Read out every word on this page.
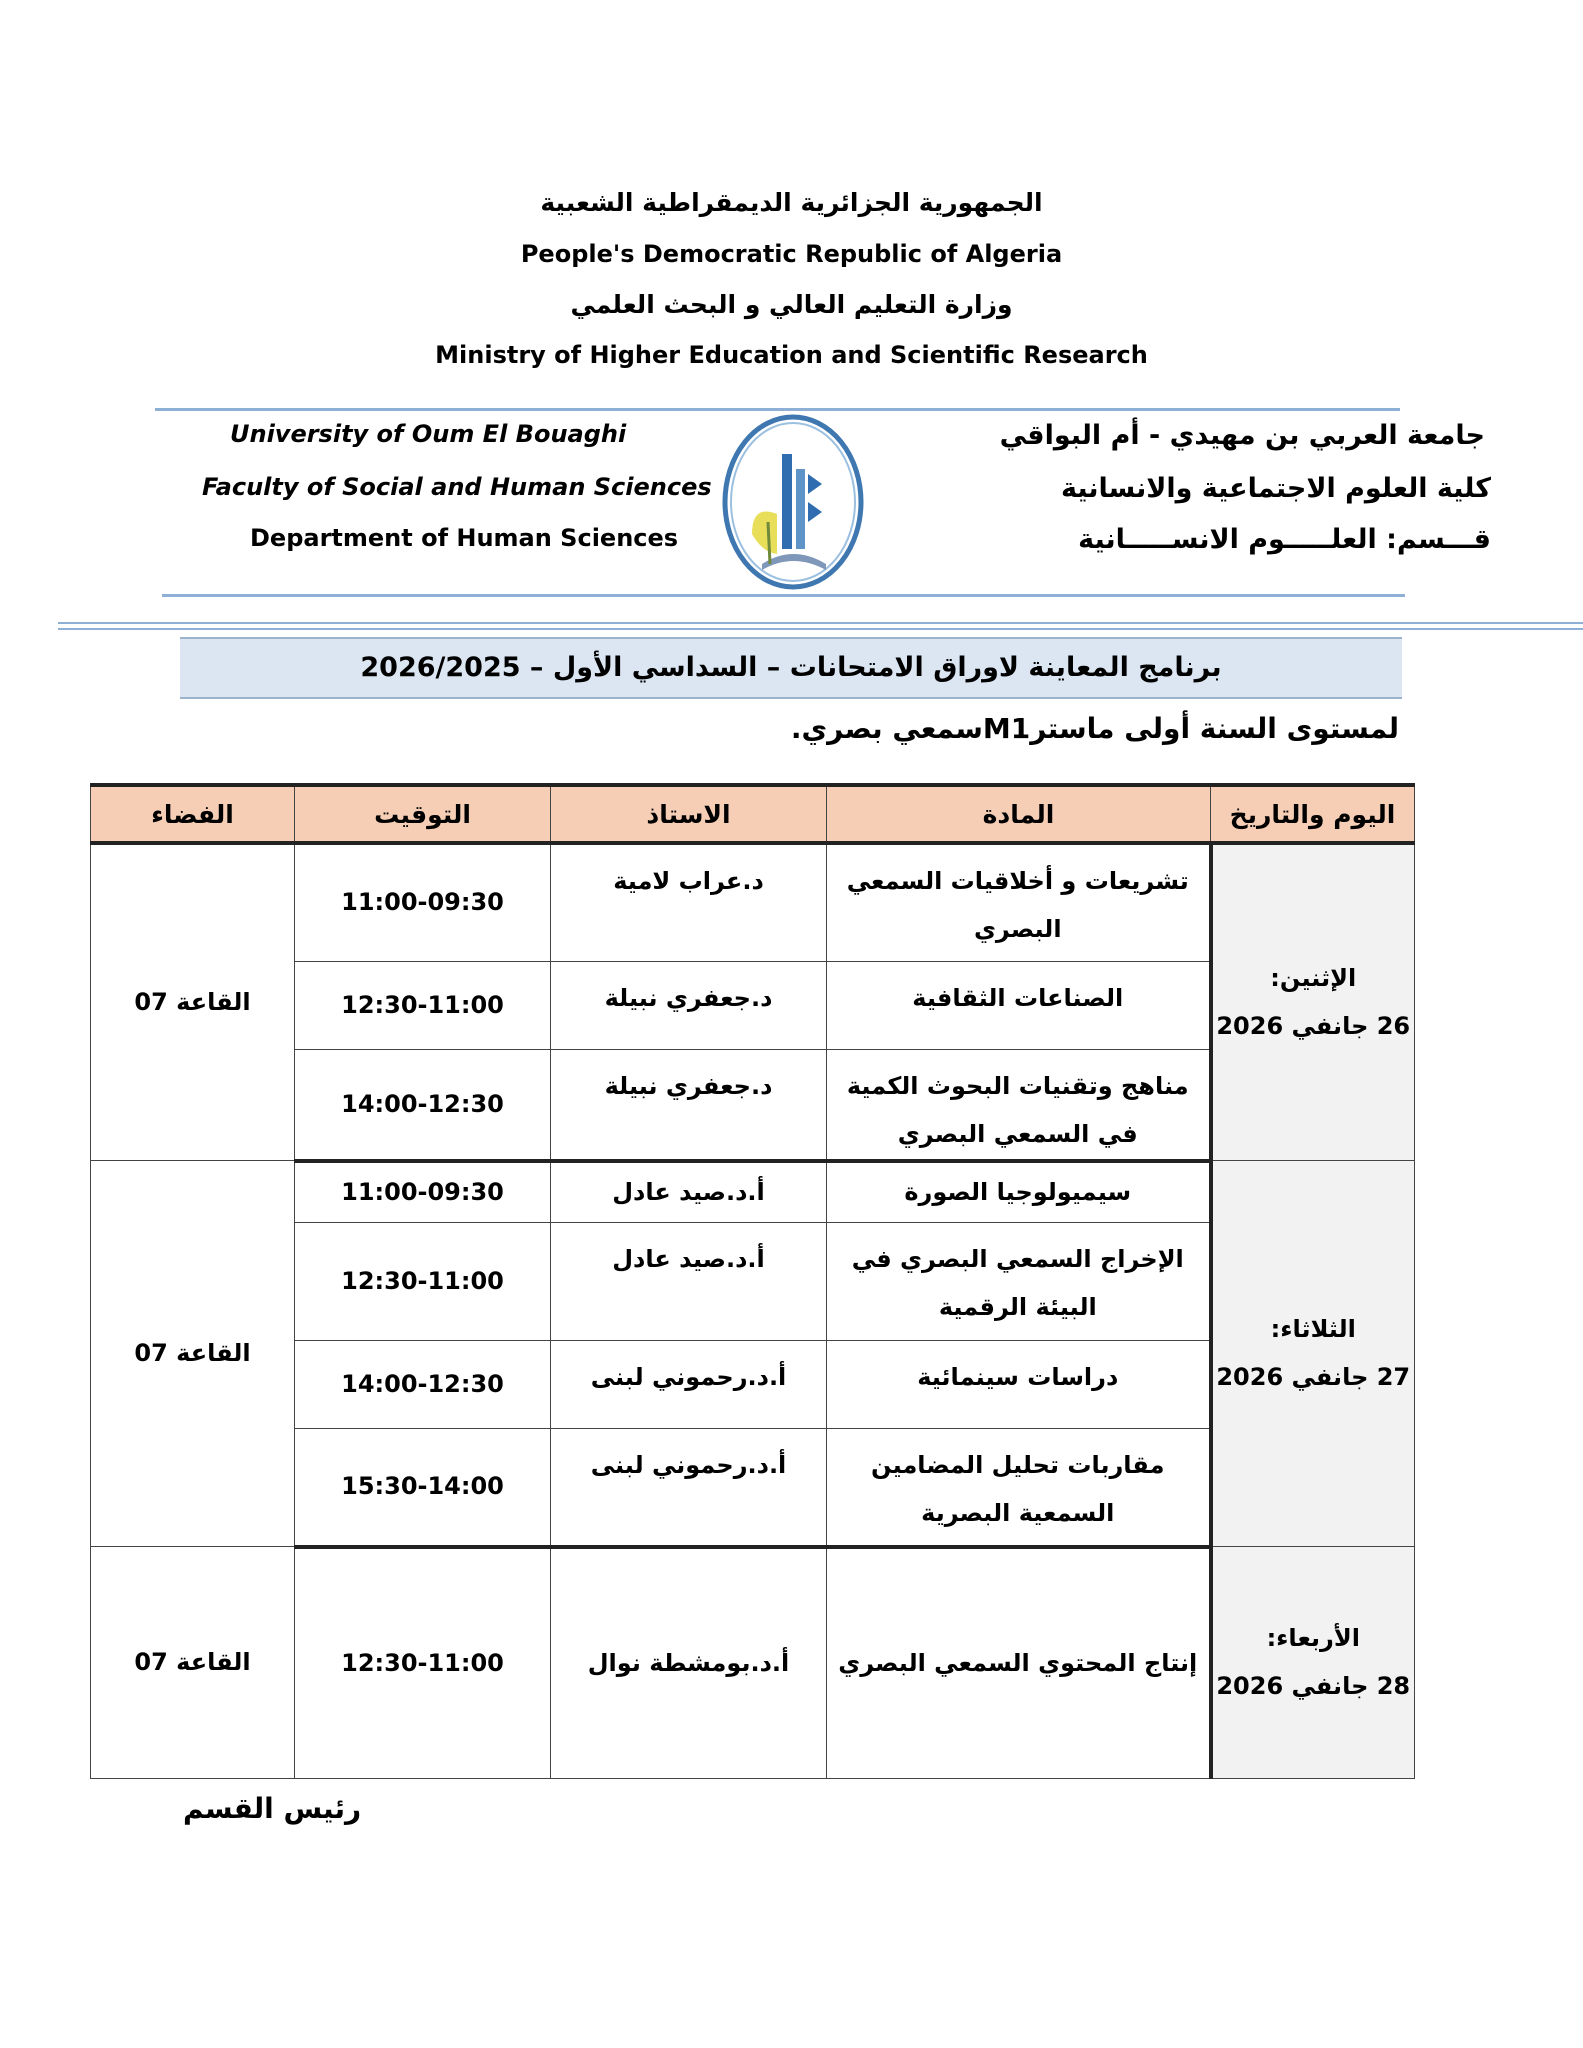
الجمهورية الجزائرية الديمقراطية الشعبية
People's Democratic Republic of Algeria
وزارة التعليم العالي و البحث العلمي
Ministry of Higher Education and Scientific Research
University of Oum El Bouaghi
Faculty of Social and Human Sciences
Department of Human Sciences
جامعة العربي بن مهيدي - أم البواقي
كلية العلوم الاجتماعية والانسانية
قـــسم: العلـــــوم الانســـــانية
برنامج المعاينة لاوراق الامتحانات – السداسي الأول – 2026/2025
لمستوى السنة أولى ماسترM1سمعي بصري.
اليوم والتاريخ	المادة	الاستاذ	التوقيت	الفضاء

الإثنين:
26 جانفي 2026	تشريعات و أخلاقيات السمعي البصري	د.عراب لامية	11:00-09:30	القاعة 07
	الصناعات الثقافية	د.جعفري نبيلة	12:30-11:00	
	مناهج وتقنيات البحوث الكمية في السمعي البصري	د.جعفري نبيلة	14:00-12:30	

الثلاثاء:
27 جانفي 2026	سيميولوجيا الصورة	أ.د.صيد عادل	11:00-09:30	القاعة 07
	الإخراج السمعي البصري في البيئة الرقمية	أ.د.صيد عادل	12:30-11:00	
	دراسات سينمائية	أ.د.رحموني لبنى	14:00-12:30	
	مقاربات تحليل المضامين السمعية البصرية	أ.د.رحموني لبنى	15:30-14:00	

الأربعاء:
28 جانفي 2026	إنتاج المحتوي السمعي البصري	أ.د.بومشطة نوال	12:30-11:00	القاعة 07
رئيس القسم
